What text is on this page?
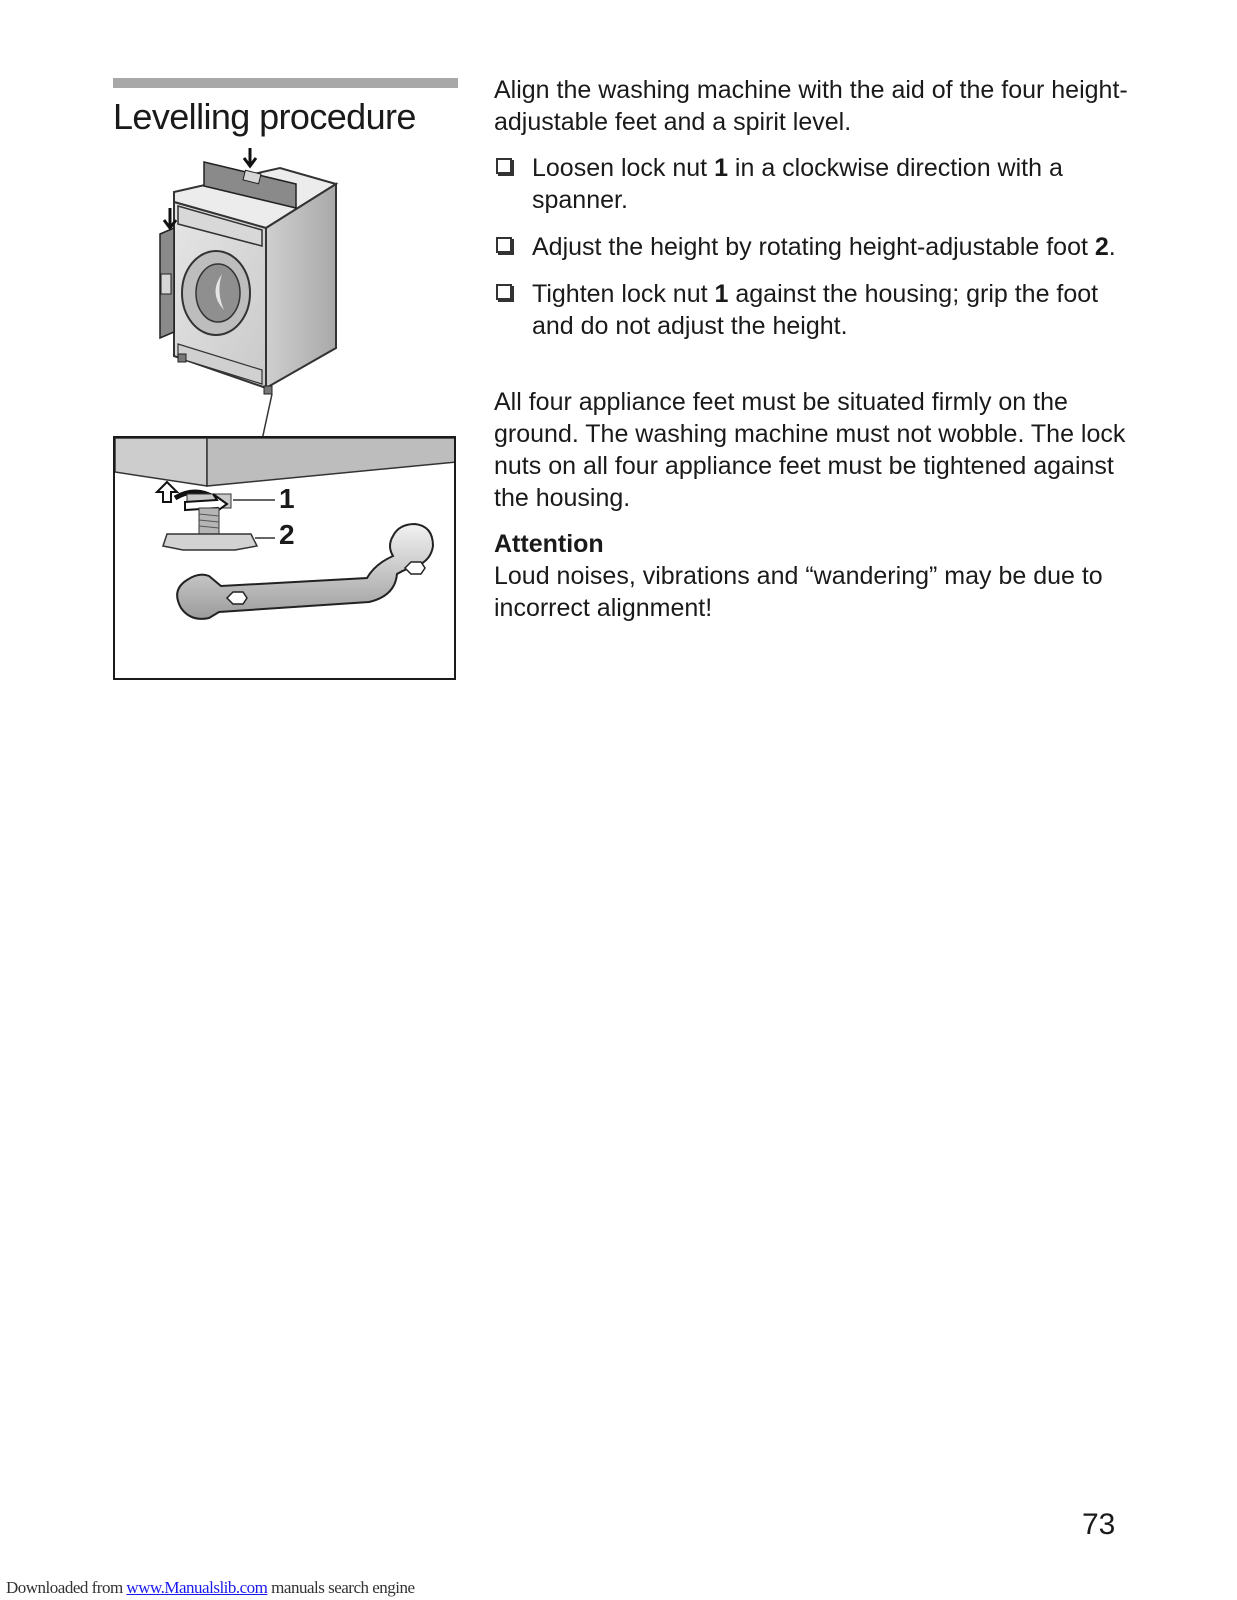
Levelling procedure
1
2

Align the washing machine with the aid of the four height-adjustable feet and a spirit level.

Loosen lock nut 1 in a clockwise direction with a spanner.
Adjust the height by rotating height-adjustable foot 2.
Tighten lock nut 1 against the housing; grip the foot and do not adjust the height.

All four appliance feet must be situated firmly on the ground. The washing machine must not wobble. The lock nuts on all four appliance feet must be tightened against the housing.

Attention

Loud noises, vibrations and “wandering” may be due to incorrect alignment!

73
Downloaded from www.Manualslib.com manuals search engine
